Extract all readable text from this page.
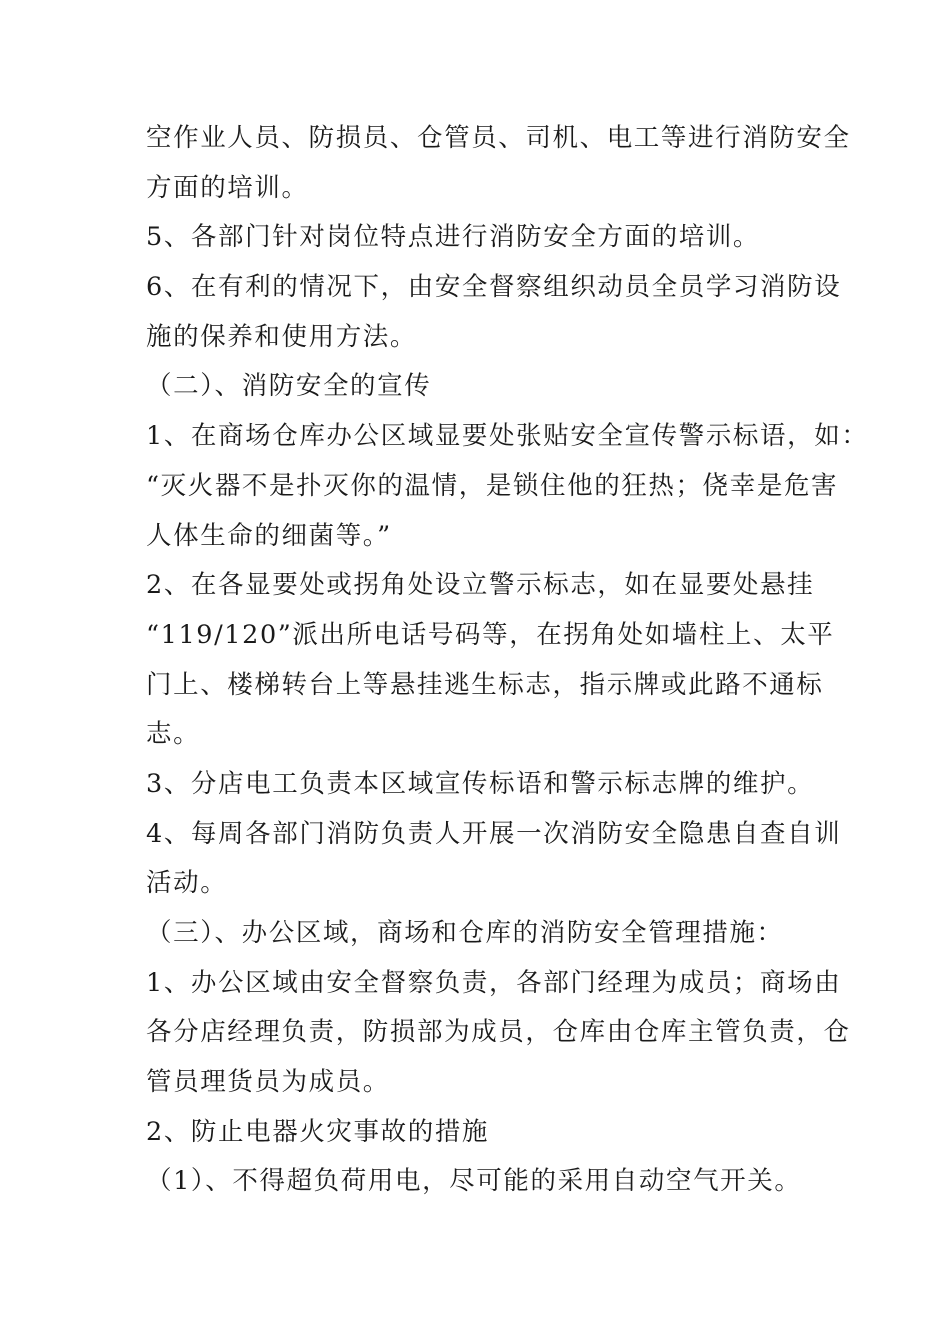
空作业人员、防损员、仓管员、司机、电工等进行消防安全
方面的培训。
5、各部门针对岗位特点进行消防安全方面的培训。
6、在有利的情况下，由安全督察组织动员全员学习消防设
施的保养和使用方法。
（二）、消防安全的宣传
1、在商场仓库办公区域显要处张贴安全宣传警示标语，如：
“灭火器不是扑灭你的温情，是锁住他的狂热；侥幸是危害
人体生命的细菌等。”
2、在各显要处或拐角处设立警示标志，如在显要处悬挂
“119/120”派出所电话号码等，在拐角处如墙柱上、太平
门上、楼梯转台上等悬挂逃生标志，指示牌或此路不通标
志。
3、分店电工负责本区域宣传标语和警示标志牌的维护。
4、每周各部门消防负责人开展一次消防安全隐患自查自训
活动。
（三）、办公区域，商场和仓库的消防安全管理措施：
1、办公区域由安全督察负责，各部门经理为成员；商场由
各分店经理负责，防损部为成员，仓库由仓库主管负责，仓
管员理货员为成员。
2、防止电器火灾事故的措施
（1）、不得超负荷用电，尽可能的采用自动空气开关。
